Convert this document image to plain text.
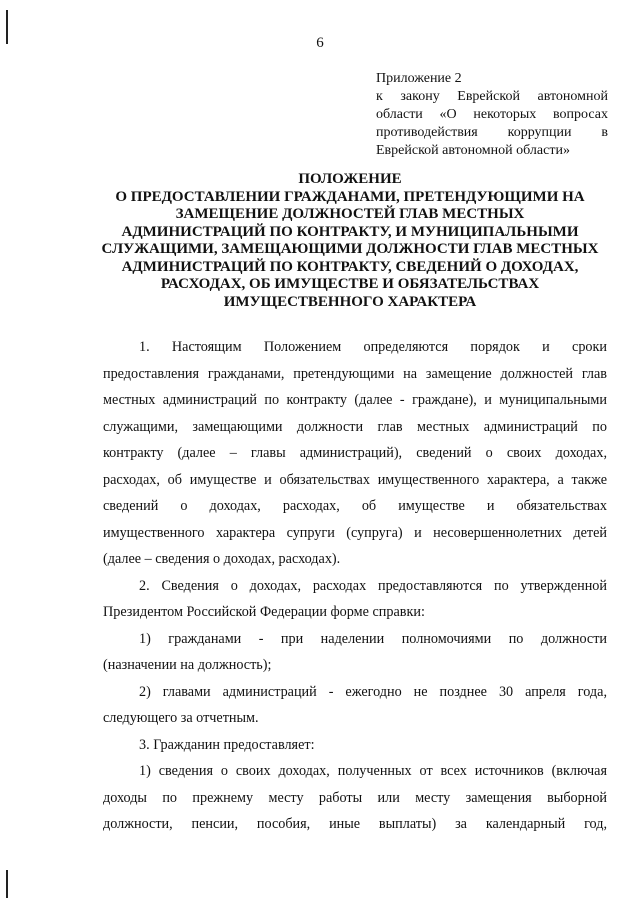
6
Приложение 2
к закону Еврейской автономной
области «О некоторых вопросах
противодействия коррупции в
Еврейской автономной области»
ПОЛОЖЕНИЕ
О ПРЕДОСТАВЛЕНИИ ГРАЖДАНАМИ, ПРЕТЕНДУЮЩИМИ НА
ЗАМЕЩЕНИЕ ДОЛЖНОСТЕЙ ГЛАВ МЕСТНЫХ
АДМИНИСТРАЦИЙ ПО КОНТРАКТУ, И МУНИЦИПАЛЬНЫМИ
СЛУЖАЩИМИ, ЗАМЕЩАЮЩИМИ ДОЛЖНОСТИ ГЛАВ МЕСТНЫХ
АДМИНИСТРАЦИЙ ПО КОНТРАКТУ, СВЕДЕНИЙ О ДОХОДАХ,
РАСХОДАХ, ОБ ИМУЩЕСТВЕ И ОБЯЗАТЕЛЬСТВАХ
ИМУЩЕСТВЕННОГО ХАРАКТЕРА
1. Настоящим Положением определяются порядок и сроки
предоставления гражданами, претендующими на замещение должностей глав
местных администраций по контракту (далее - граждане), и муниципальными
служащими, замещающими должности глав местных администраций по
контракту (далее – главы администраций), сведений о своих доходах,
расходах, об имуществе и обязательствах имущественного характера, а также
сведений о доходах, расходах, об имуществе и обязательствах
имущественного характера супруги (супруга) и несовершеннолетних детей
(далее – сведения о доходах, расходах).
2. Сведения о доходах, расходах предоставляются по утвержденной
Президентом Российской Федерации форме справки:
1) гражданами - при наделении полномочиями по должности
(назначении на должность);
2) главами администраций - ежегодно не позднее 30 апреля года,
следующего за отчетным.
3. Гражданин предоставляет:
1) сведения о своих доходах, полученных от всех источников (включая
доходы по прежнему месту работы или месту замещения выборной
должности, пенсии, пособия, иные выплаты) за календарный год,
